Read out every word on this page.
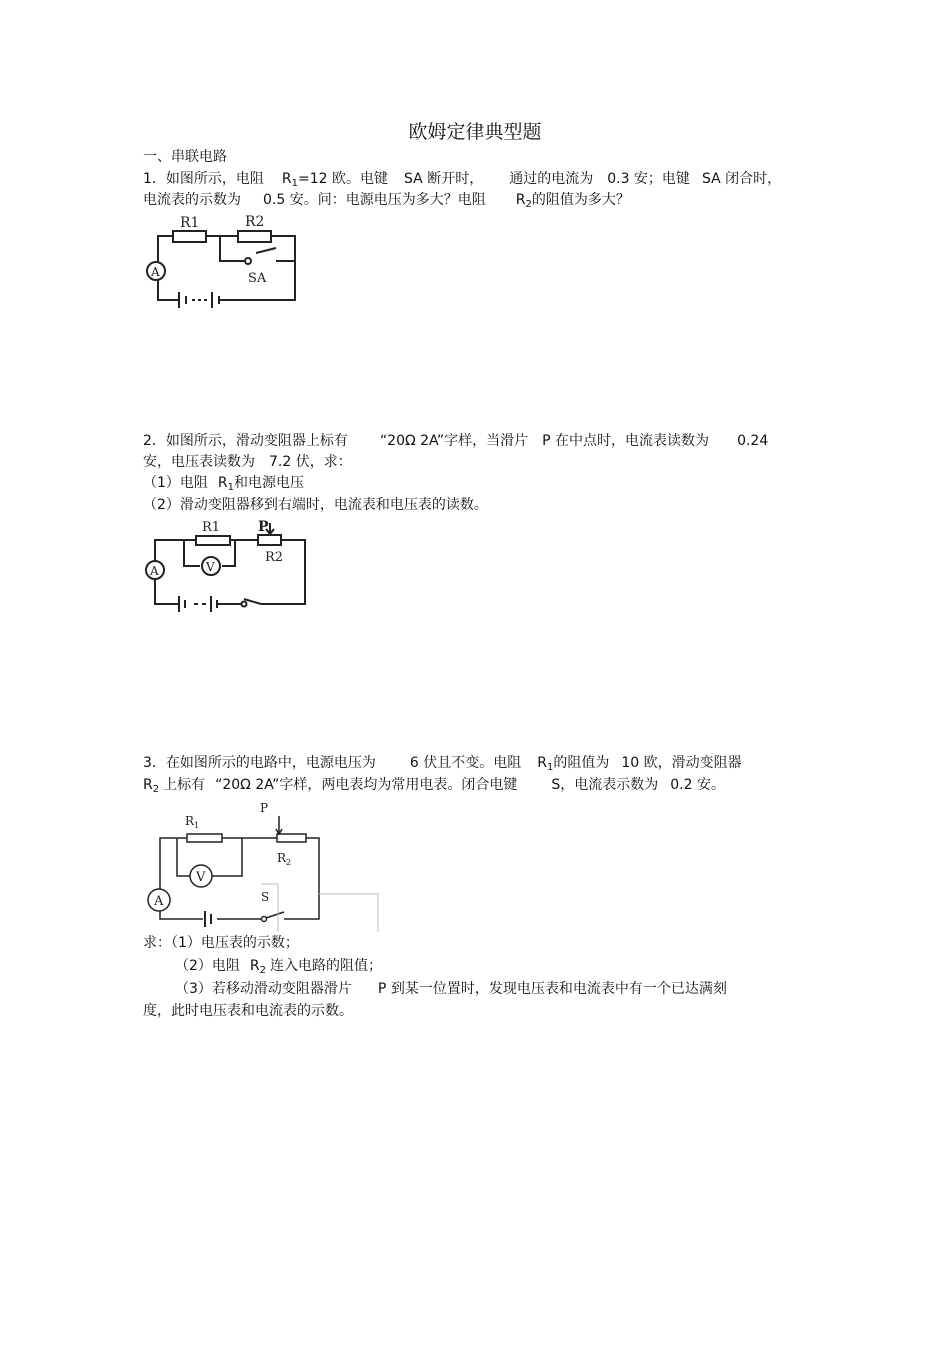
欧姆定律典型题
一、串联电路
1．如图所示，电阻 $R_1=12$ 欧。电键 SA 断开时， 通过的电流为 0.3 安；电键 SA 闭合时，
电流表的示数为 0.5 安。问：电源电压为多大？电阻 $R_2$的阻值为多大？
R1	R2
SA
A
2．如图所示，滑动变阻器上标有 “20Ω 2A”字样，当滑片 P 在中点时，电流表读数为 0.24
安，电压表读数为 7.2 伏，求：
（1）电阻 $R_1$和电源电压
（2）滑动变阻器移到右端时，电流表和电压表的读数。
R1
R2
P
V
A
3．在如图所示的电路中，电源电压为 6 伏且不变。电阻 $R_1$的阻值为 10 欧，滑动变阻器
$R_2$ 上标有 “20Ω 2A”字样，两电表均为常用电表。闭合电键 S，电流表示数为 0.2 安。
$R_1$
$R_2$
P
V
A	S
求：（1）电压表的示数；
（2）电阻 $R_2$ 连入电路的阻值；
（3）若移动滑动变阻器滑片 P 到某一位置时，发现电压表和电流表中有一个已达满刻
度，此时电压表和电流表的示数。
